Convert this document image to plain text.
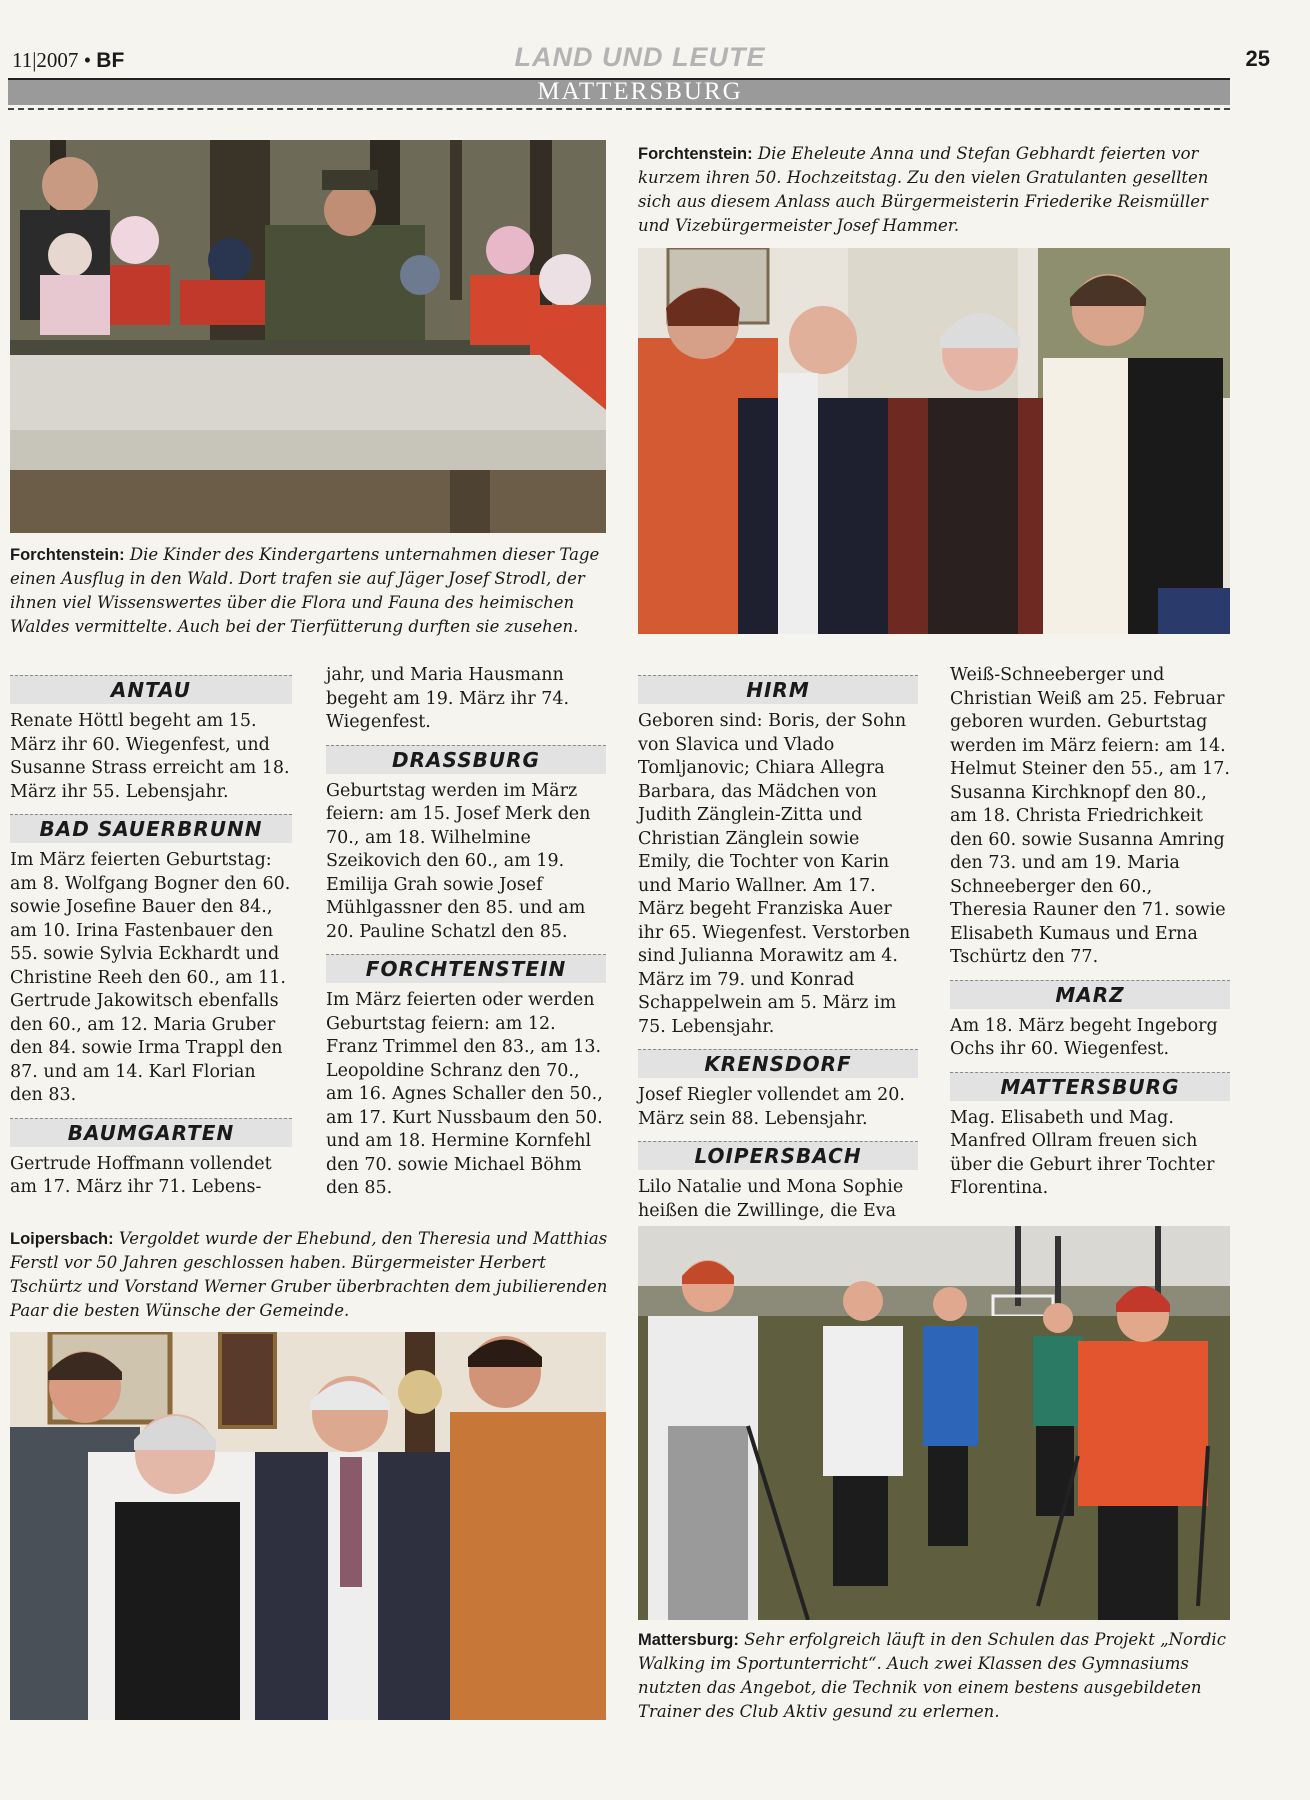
11|2007 • BF	LAND UND LEUTE	25
MATTERSBURG
Forchtenstein: Die Kinder des Kindergartens unternahmen dieser Tage einen Ausflug in den Wald. Dort trafen sie auf Jäger Josef Strodl, der ihnen viel Wissenswertes über die Flora und Fauna des heimischen Waldes vermittelte. Auch bei der Tierfütterung durften sie zusehen.
Forchtenstein: Die Eheleute Anna und Stefan Gebhardt feierten vor kurzem ihren 50. Hochzeitstag. Zu den vielen Gratulanten gesellten sich aus diesem Anlass auch Bürgermeisterin Friederike Reismüller und Vizebürgermeister Josef Hammer.
ANTAU

Renate Höttl begeht am 15. März ihr 60. Wiegenfest, und Susanne Strass erreicht am 18. März ihr 55. Lebensjahr.

BAD SAUERBRUNN

Im März feierten Geburtstag: am 8. Wolfgang Bogner den 60. sowie Josefine Bauer den 84., am 10. Irina Fastenbauer den 55. sowie Sylvia Eckhardt und Christine Reeh den 60., am 11. Gertrude Jakowitsch ebenfalls den 60., am 12. Maria Gruber den 84. sowie Irma Trappl den 87. und am 14. Karl Florian den 83.

BAUMGARTEN

Gertrude Hoffmann vollendet am 17. März ihr 71. Lebens-

jahr, und Maria Hausmann begeht am 19. März ihr 74. Wiegenfest.

DRASSBURG

Geburtstag werden im März feiern: am 15. Josef Merk den 70., am 18. Wilhelmine Szeikovich den 60., am 19. Emilija Grah sowie Josef Mühlgassner den 85. und am 20. Pauline Schatzl den 85.

FORCHTENSTEIN

Im März feierten oder werden Geburtstag feiern: am 12. Franz Trimmel den 83., am 13. Leopoldine Schranz den 70., am 16. Agnes Schaller den 50., am 17. Kurt Nussbaum den 50. und am 18. Hermine Kornfehl den 70. sowie Michael Böhm den 85.

HIRM

Geboren sind: Boris, der Sohn von Slavica und Vlado Tomljanovic; Chiara Allegra Barbara, das Mädchen von Judith Zänglein-Zitta und Christian Zänglein sowie Emily, die Tochter von Karin und Mario Wallner. Am 17. März begeht Franziska Auer ihr 65. Wiegenfest. Verstorben sind Julianna Morawitz am 4. März im 79. und Konrad Schappelwein am 5. März im 75. Lebensjahr.

KRENSDORF

Josef Riegler vollendet am 20. März sein 88. Lebensjahr.

LOIPERSBACH

Lilo Natalie und Mona Sophie heißen die Zwillinge, die Eva

Weiß-Schneeberger und Christian Weiß am 25. Februar geboren wurden. Geburtstag werden im März feiern: am 14. Helmut Steiner den 55., am 17. Susanna Kirchknopf den 80., am 18. Christa Friedrichkeit den 60. sowie Susanna Amring den 73. und am 19. Maria Schneeberger den 60., Theresia Rauner den 71. sowie Elisabeth Kumaus und Erna Tschürtz den 77.

MARZ

Am 18. März begeht Ingeborg Ochs ihr 60. Wiegenfest.

MATTERSBURG

Mag. Elisabeth und Mag. Manfred Ollram freuen sich über die Geburt ihrer Tochter Florentina.

Loipersbach: Vergoldet wurde der Ehebund, den Theresia und Matthias Ferstl vor 50 Jahren geschlossen haben. Bürgermeister Herbert Tschürtz und Vorstand Werner Gruber überbrachten dem jubilierenden Paar die besten Wünsche der Gemeinde.
Mattersburg: Sehr erfolgreich läuft in den Schulen das Projekt „Nordic Walking im Sportunterricht“. Auch zwei Klassen des Gymnasiums nutzten das Angebot, die Technik von einem bestens ausgebildeten Trainer des Club Aktiv gesund zu erlernen.
